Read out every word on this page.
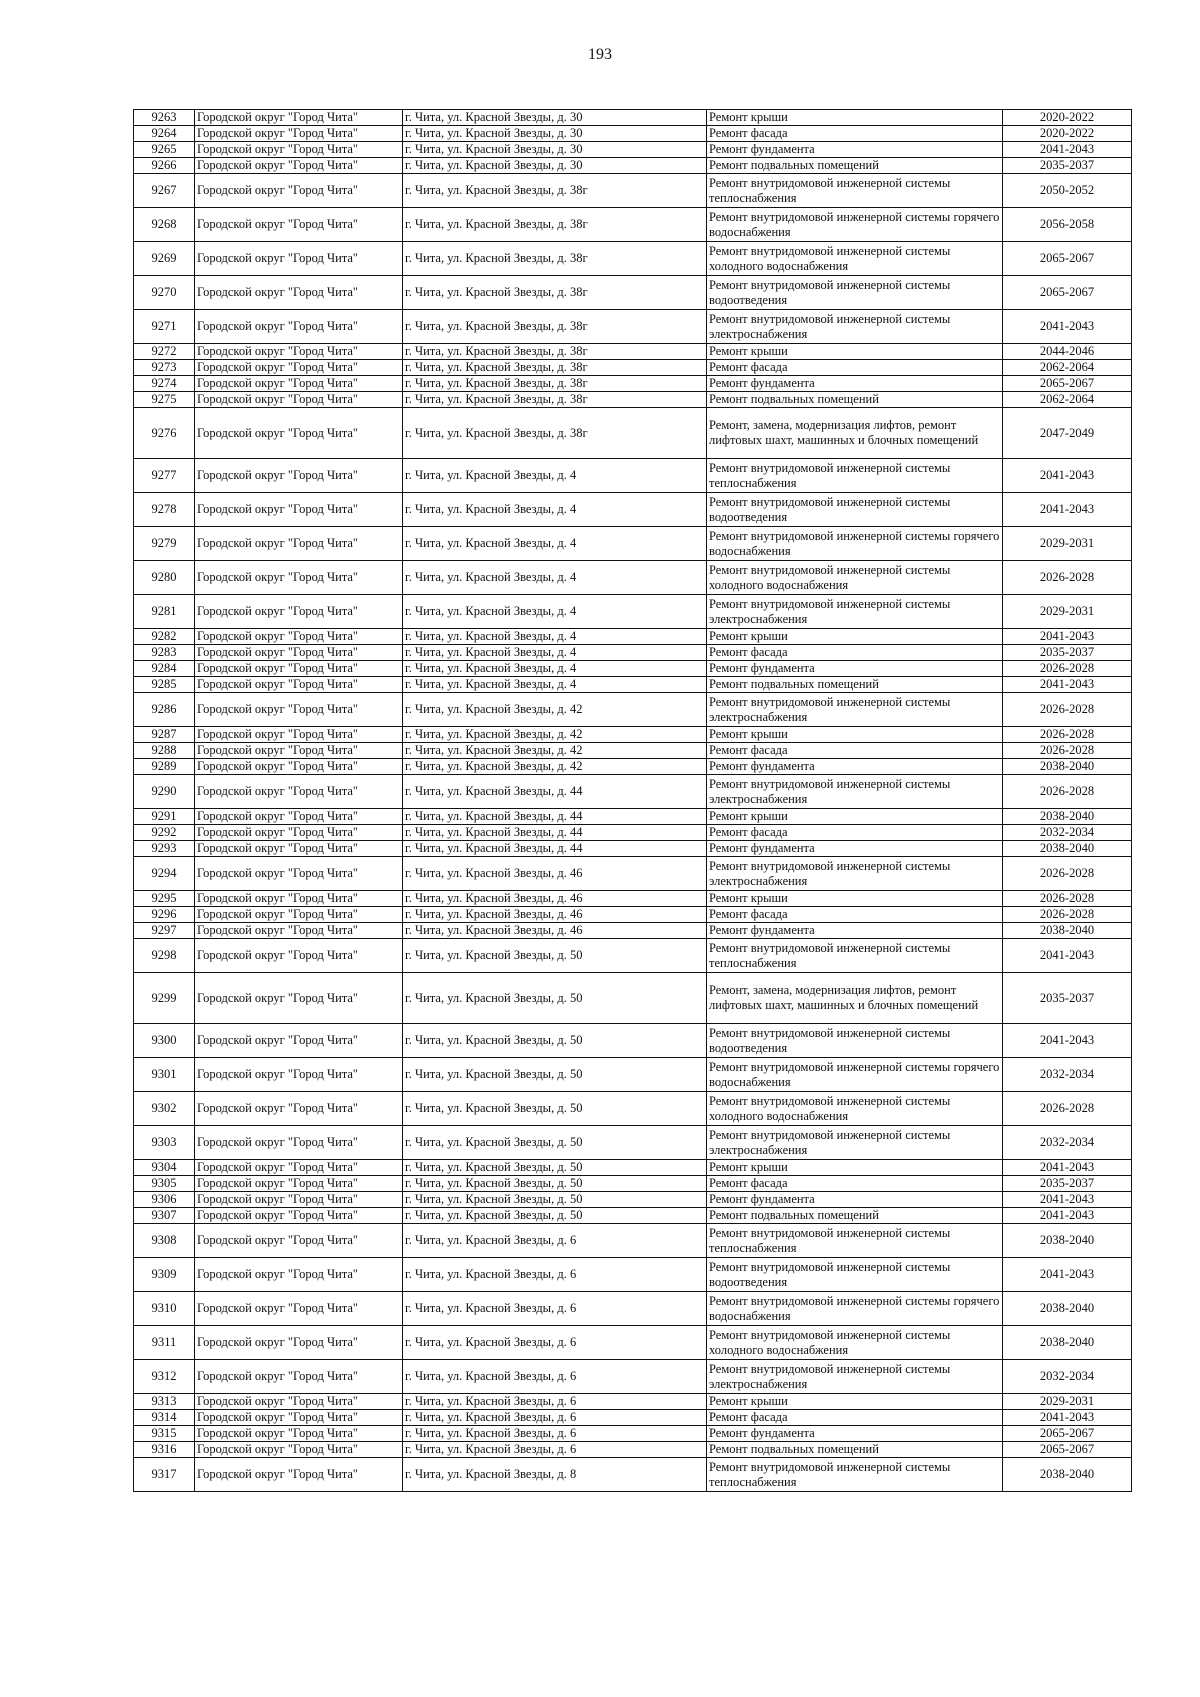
193
9263	Городской округ "Город Чита"	г. Чита, ул. Красной Звезды, д. 30	Ремонт крыши	2020-2022
9264	Городской округ "Город Чита"	г. Чита, ул. Красной Звезды, д. 30	Ремонт фасада	2020-2022
9265	Городской округ "Город Чита"	г. Чита, ул. Красной Звезды, д. 30	Ремонт фундамента	2041-2043
9266	Городской округ "Город Чита"	г. Чита, ул. Красной Звезды, д. 30	Ремонт подвальных помещений	2035-2037
9267	Городской округ "Город Чита"	г. Чита, ул. Красной Звезды, д. 38г	Ремонт внутридомовой инженерной системы теплоснабжения	2050-2052
9268	Городской округ "Город Чита"	г. Чита, ул. Красной Звезды, д. 38г	Ремонт внутридомовой инженерной системы горячего водоснабжения	2056-2058
9269	Городской округ "Город Чита"	г. Чита, ул. Красной Звезды, д. 38г	Ремонт внутридомовой инженерной системы холодного водоснабжения	2065-2067
9270	Городской округ "Город Чита"	г. Чита, ул. Красной Звезды, д. 38г	Ремонт внутридомовой инженерной системы водоотведения	2065-2067
9271	Городской округ "Город Чита"	г. Чита, ул. Красной Звезды, д. 38г	Ремонт внутридомовой инженерной системы электроснабжения	2041-2043
9272	Городской округ "Город Чита"	г. Чита, ул. Красной Звезды, д. 38г	Ремонт крыши	2044-2046
9273	Городской округ "Город Чита"	г. Чита, ул. Красной Звезды, д. 38г	Ремонт фасада	2062-2064
9274	Городской округ "Город Чита"	г. Чита, ул. Красной Звезды, д. 38г	Ремонт фундамента	2065-2067
9275	Городской округ "Город Чита"	г. Чита, ул. Красной Звезды, д. 38г	Ремонт подвальных помещений	2062-2064
9276	Городской округ "Город Чита"	г. Чита, ул. Красной Звезды, д. 38г	Ремонт, замена, модернизация лифтов, ремонт лифтовых шахт, машинных и блочных помещений	2047-2049
9277	Городской округ "Город Чита"	г. Чита, ул. Красной Звезды, д. 4	Ремонт внутридомовой инженерной системы теплоснабжения	2041-2043
9278	Городской округ "Город Чита"	г. Чита, ул. Красной Звезды, д. 4	Ремонт внутридомовой инженерной системы водоотведения	2041-2043
9279	Городской округ "Город Чита"	г. Чита, ул. Красной Звезды, д. 4	Ремонт внутридомовой инженерной системы горячего водоснабжения	2029-2031
9280	Городской округ "Город Чита"	г. Чита, ул. Красной Звезды, д. 4	Ремонт внутридомовой инженерной системы холодного водоснабжения	2026-2028
9281	Городской округ "Город Чита"	г. Чита, ул. Красной Звезды, д. 4	Ремонт внутридомовой инженерной системы электроснабжения	2029-2031
9282	Городской округ "Город Чита"	г. Чита, ул. Красной Звезды, д. 4	Ремонт крыши	2041-2043
9283	Городской округ "Город Чита"	г. Чита, ул. Красной Звезды, д. 4	Ремонт фасада	2035-2037
9284	Городской округ "Город Чита"	г. Чита, ул. Красной Звезды, д. 4	Ремонт фундамента	2026-2028
9285	Городской округ "Город Чита"	г. Чита, ул. Красной Звезды, д. 4	Ремонт подвальных помещений	2041-2043
9286	Городской округ "Город Чита"	г. Чита, ул. Красной Звезды, д. 42	Ремонт внутридомовой инженерной системы электроснабжения	2026-2028
9287	Городской округ "Город Чита"	г. Чита, ул. Красной Звезды, д. 42	Ремонт крыши	2026-2028
9288	Городской округ "Город Чита"	г. Чита, ул. Красной Звезды, д. 42	Ремонт фасада	2026-2028
9289	Городской округ "Город Чита"	г. Чита, ул. Красной Звезды, д. 42	Ремонт фундамента	2038-2040
9290	Городской округ "Город Чита"	г. Чита, ул. Красной Звезды, д. 44	Ремонт внутридомовой инженерной системы электроснабжения	2026-2028
9291	Городской округ "Город Чита"	г. Чита, ул. Красной Звезды, д. 44	Ремонт крыши	2038-2040
9292	Городской округ "Город Чита"	г. Чита, ул. Красной Звезды, д. 44	Ремонт фасада	2032-2034
9293	Городской округ "Город Чита"	г. Чита, ул. Красной Звезды, д. 44	Ремонт фундамента	2038-2040
9294	Городской округ "Город Чита"	г. Чита, ул. Красной Звезды, д. 46	Ремонт внутридомовой инженерной системы электроснабжения	2026-2028
9295	Городской округ "Город Чита"	г. Чита, ул. Красной Звезды, д. 46	Ремонт крыши	2026-2028
9296	Городской округ "Город Чита"	г. Чита, ул. Красной Звезды, д. 46	Ремонт фасада	2026-2028
9297	Городской округ "Город Чита"	г. Чита, ул. Красной Звезды, д. 46	Ремонт фундамента	2038-2040
9298	Городской округ "Город Чита"	г. Чита, ул. Красной Звезды, д. 50	Ремонт внутридомовой инженерной системы теплоснабжения	2041-2043
9299	Городской округ "Город Чита"	г. Чита, ул. Красной Звезды, д. 50	Ремонт, замена, модернизация лифтов, ремонт лифтовых шахт, машинных и блочных помещений	2035-2037
9300	Городской округ "Город Чита"	г. Чита, ул. Красной Звезды, д. 50	Ремонт внутридомовой инженерной системы водоотведения	2041-2043
9301	Городской округ "Город Чита"	г. Чита, ул. Красной Звезды, д. 50	Ремонт внутридомовой инженерной системы горячего водоснабжения	2032-2034
9302	Городской округ "Город Чита"	г. Чита, ул. Красной Звезды, д. 50	Ремонт внутридомовой инженерной системы холодного водоснабжения	2026-2028
9303	Городской округ "Город Чита"	г. Чита, ул. Красной Звезды, д. 50	Ремонт внутридомовой инженерной системы электроснабжения	2032-2034
9304	Городской округ "Город Чита"	г. Чита, ул. Красной Звезды, д. 50	Ремонт крыши	2041-2043
9305	Городской округ "Город Чита"	г. Чита, ул. Красной Звезды, д. 50	Ремонт фасада	2035-2037
9306	Городской округ "Город Чита"	г. Чита, ул. Красной Звезды, д. 50	Ремонт фундамента	2041-2043
9307	Городской округ "Город Чита"	г. Чита, ул. Красной Звезды, д. 50	Ремонт подвальных помещений	2041-2043
9308	Городской округ "Город Чита"	г. Чита, ул. Красной Звезды, д. 6	Ремонт внутридомовой инженерной системы теплоснабжения	2038-2040
9309	Городской округ "Город Чита"	г. Чита, ул. Красной Звезды, д. 6	Ремонт внутридомовой инженерной системы водоотведения	2041-2043
9310	Городской округ "Город Чита"	г. Чита, ул. Красной Звезды, д. 6	Ремонт внутридомовой инженерной системы горячего водоснабжения	2038-2040
9311	Городской округ "Город Чита"	г. Чита, ул. Красной Звезды, д. 6	Ремонт внутридомовой инженерной системы холодного водоснабжения	2038-2040
9312	Городской округ "Город Чита"	г. Чита, ул. Красной Звезды, д. 6	Ремонт внутридомовой инженерной системы электроснабжения	2032-2034
9313	Городской округ "Город Чита"	г. Чита, ул. Красной Звезды, д. 6	Ремонт крыши	2029-2031
9314	Городской округ "Город Чита"	г. Чита, ул. Красной Звезды, д. 6	Ремонт фасада	2041-2043
9315	Городской округ "Город Чита"	г. Чита, ул. Красной Звезды, д. 6	Ремонт фундамента	2065-2067
9316	Городской округ "Город Чита"	г. Чита, ул. Красной Звезды, д. 6	Ремонт подвальных помещений	2065-2067
9317	Городской округ "Город Чита"	г. Чита, ул. Красной Звезды, д. 8	Ремонт внутридомовой инженерной системы теплоснабжения	2038-2040
